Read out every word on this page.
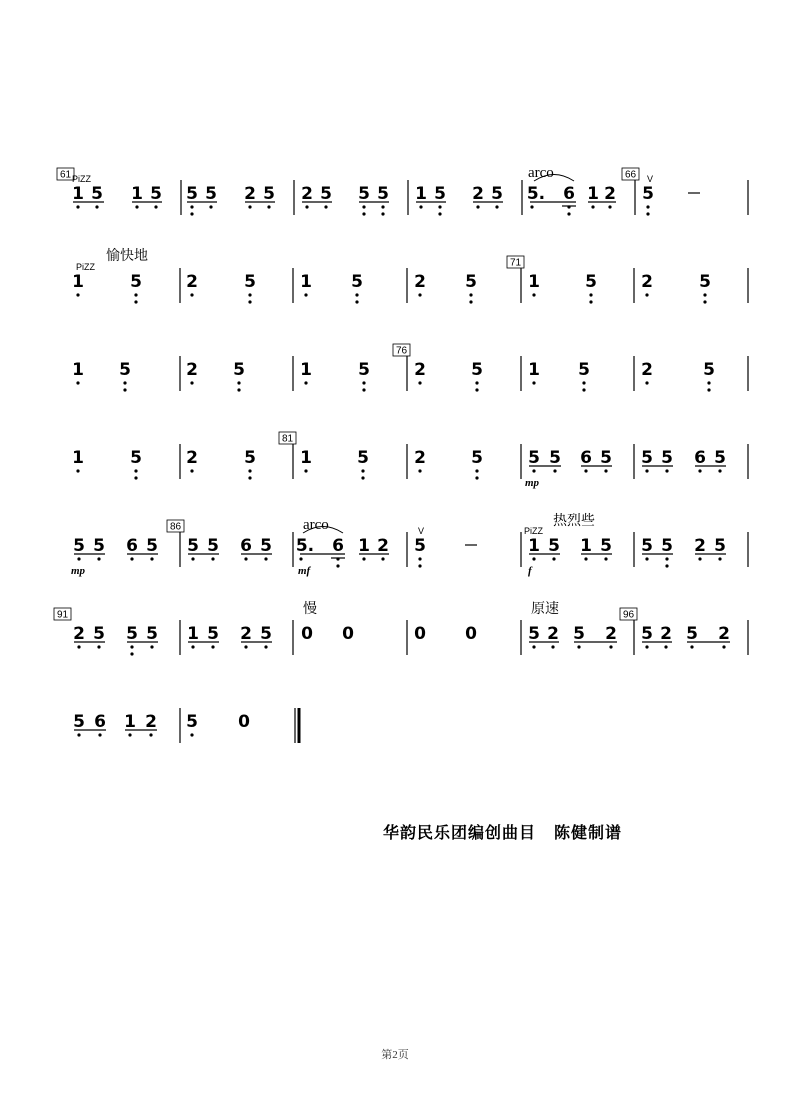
61 PiZZ
1 5 1 5 5 5 2 5 2 5 5 5 1 5 2 5
arco
5. 6 1 2
66 V
5
PiZZ
愉快地
1	5	2	5	1 5	2 5
71
1	5	2	5
1 5	2 5	1	5
76
2	5	1 5	2	5
1	5	2	5
81
1	5	2	5	5 5
mp
6 5 5 5 6 5
5 5
mp
6 5
86
5 5 6 5
arco
5. 6
mf
1 2
V
5
PiZZ
热烈些
1 5
f
1 5 5 5 2 5
91
2 5 5 5 1 5 2 5
慢
0 0	0 0
原速
5 2 5 2
96
5 2 5 2
5 6 1 2 5 0
华韵民乐团编创曲目 陈健制谱
第2页
